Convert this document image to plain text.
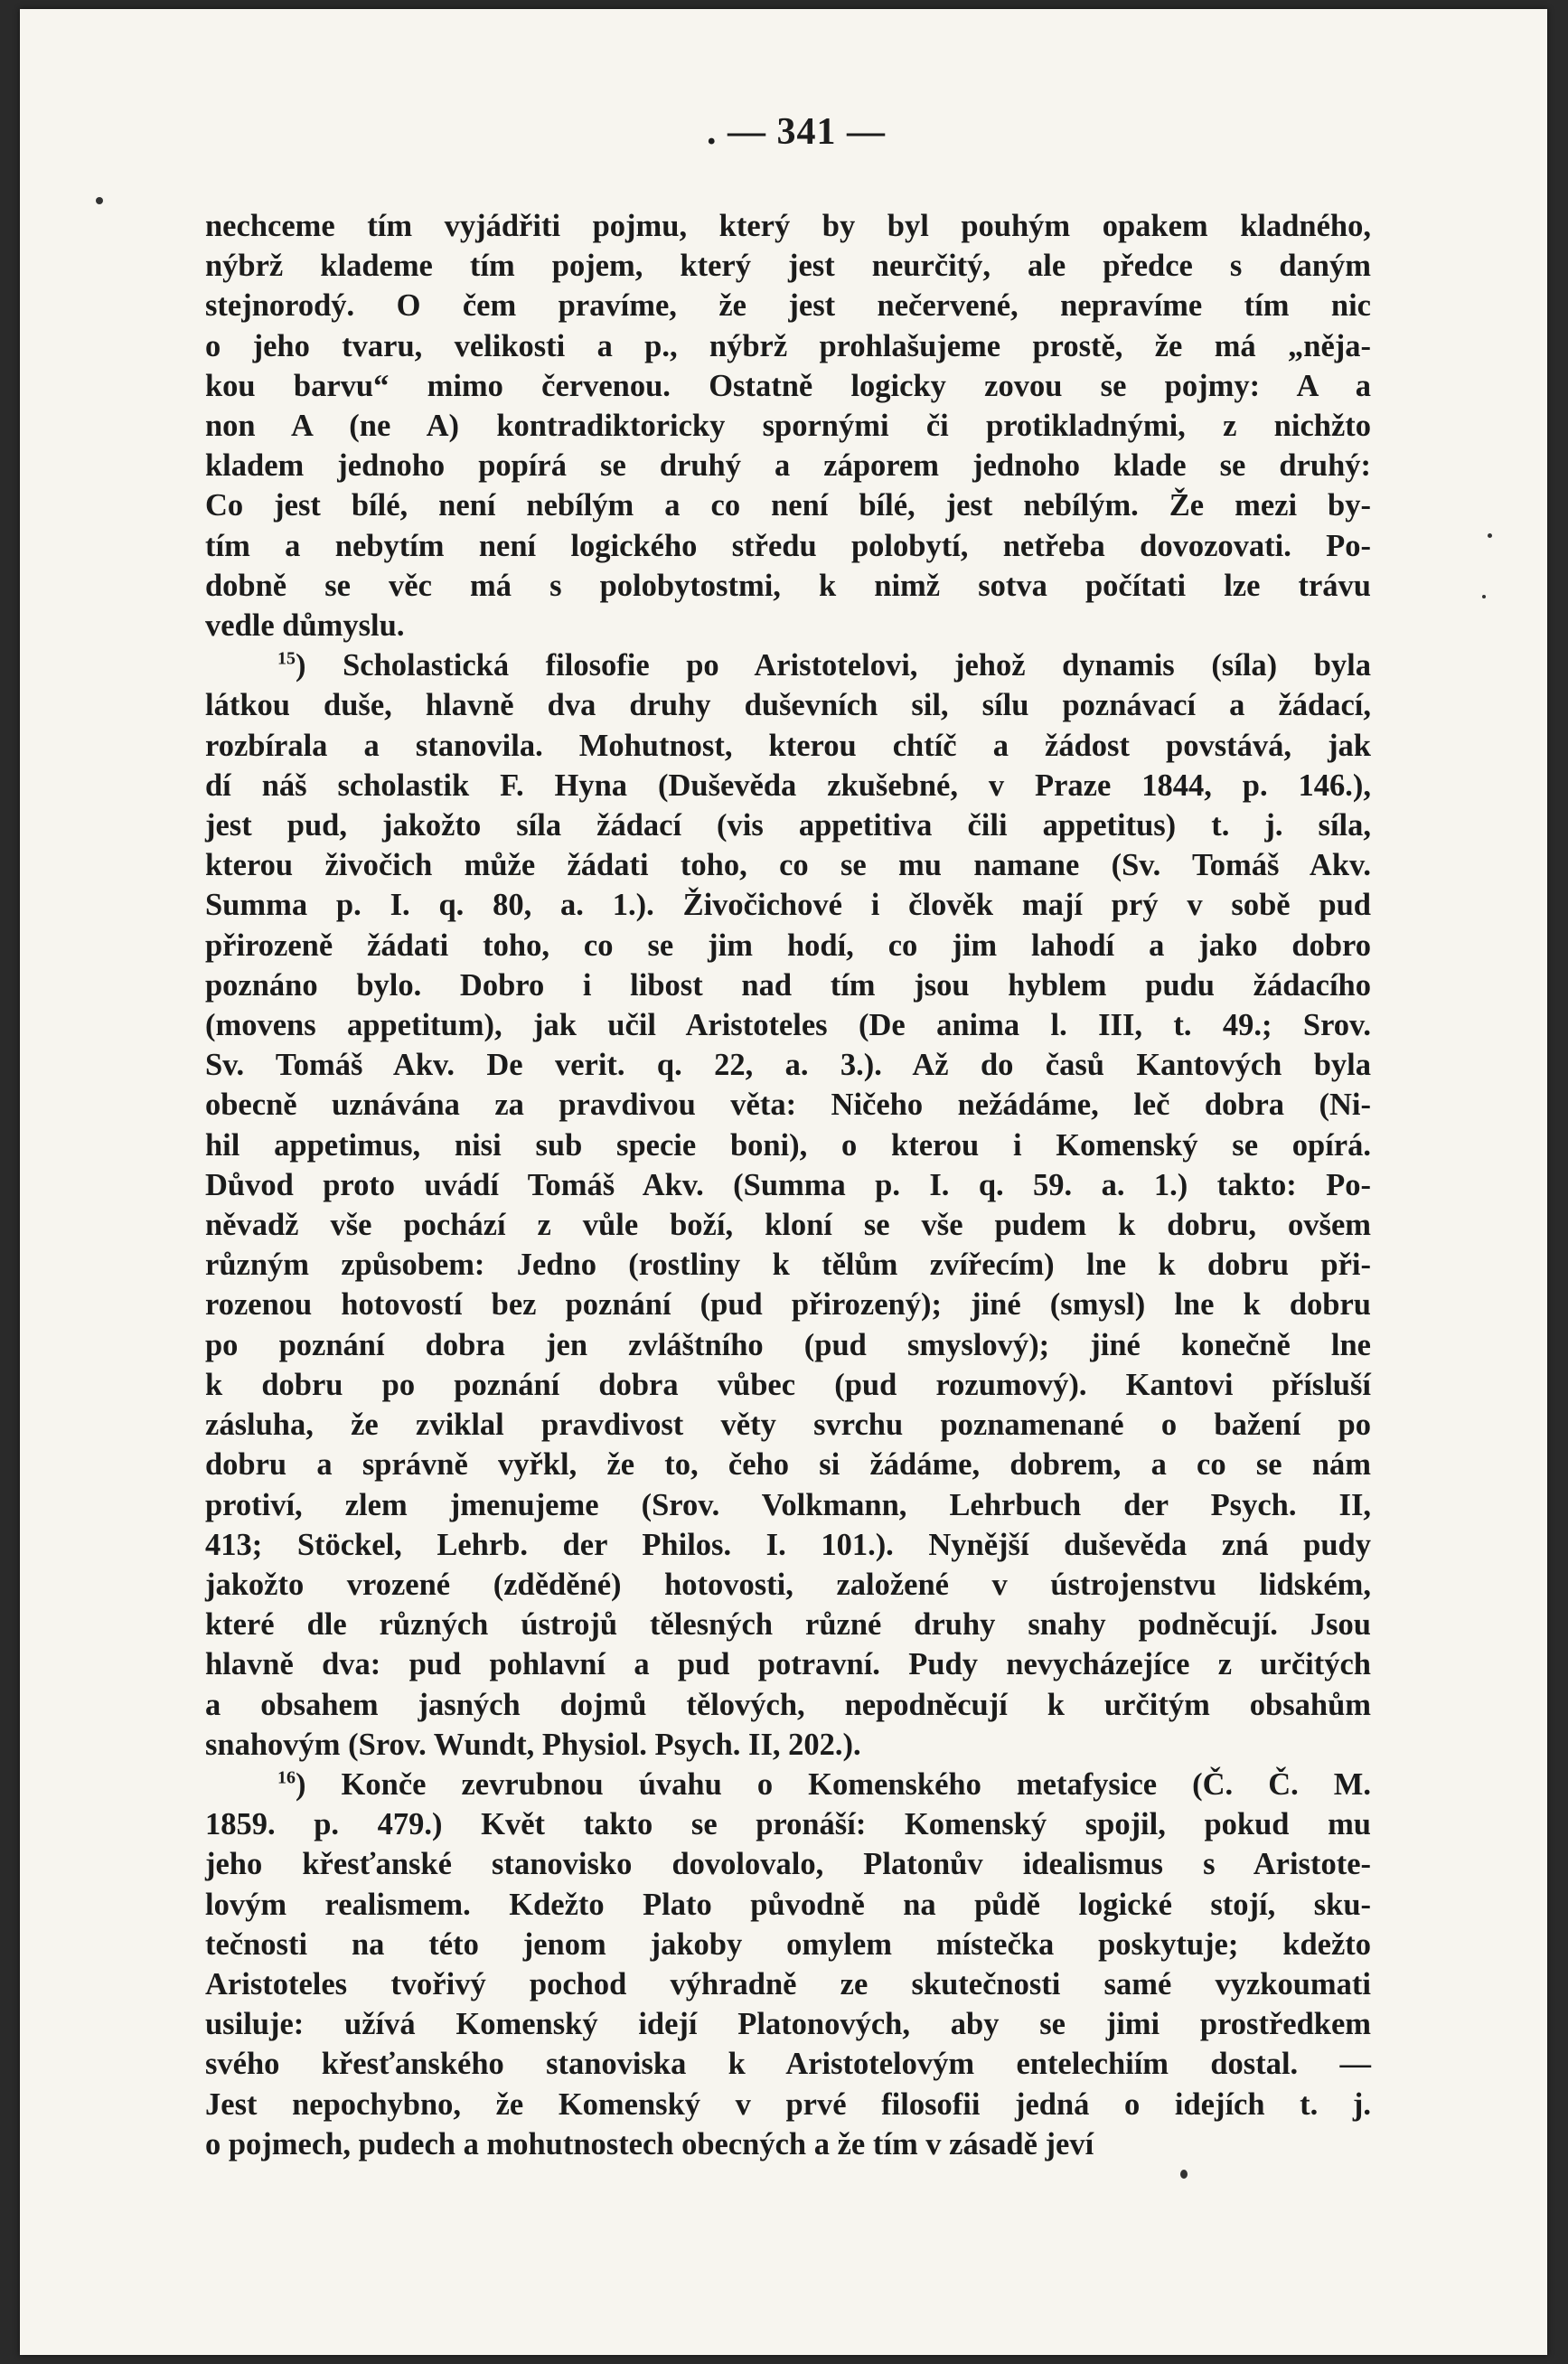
. — 341 —
nechceme tím vyjádřiti pojmu, který by byl pouhým opakem kladného,
nýbrž klademe tím pojem, který jest neurčitý, ale předce s daným
stejnorodý. O čem pravíme, že jest nečervené, nepravíme tím nic
o jeho tvaru, velikosti a p., nýbrž prohlašujeme prostě, že má „něja-
kou barvu“ mimo červenou. Ostatně logicky zovou se pojmy: A a
non A (ne A) kontradiktoricky spornými či protikladnými, z nichžto
kladem jednoho popírá se druhý a záporem jednoho klade se druhý:
Co jest bílé, není nebílým a co není bílé, jest nebílým. Že mezi by-
tím a nebytím není logického středu polobytí, netřeba dovozovati. Po-
dobně se věc má s polobytostmi, k nimž sotva počítati lze trávu
vedle důmyslu.
$^{15}$) Scholastická filosofie po Aristotelovi, jehož dynamis (síla) byla
látkou duše, hlavně dva druhy duševních sil, sílu poznávací a žádací,
rozbírala a stanovila. Mohutnost, kterou chtíč a žádost povstává, jak
dí náš scholastik F. Hyna (Duševěda zkušebné, v Praze 1844, p. 146.),
jest pud, jakožto síla žádací (vis appetitiva čili appetitus) t. j. síla,
kterou živočich může žádati toho, co se mu namane (Sv. Tomáš Akv.
Summa p. I. q. 80, a. 1.). Živočichové i člověk mají prý v sobě pud
přirozeně žádati toho, co se jim hodí, co jim lahodí a jako dobro
poznáno bylo. Dobro i libost nad tím jsou hyblem pudu žádacího
(movens appetitum), jak učil Aristoteles (De anima l. III, t. 49.; Srov.
Sv. Tomáš Akv. De verit. q. 22, a. 3.). Až do časů Kantových byla
obecně uznávána za pravdivou věta: Ničeho nežádáme, leč dobra (Ni-
hil appetimus, nisi sub specie boni), o kterou i Komenský se opírá.
Důvod proto uvádí Tomáš Akv. (Summa p. I. q. 59. a. 1.) takto: Po-
něvadž vše pochází z vůle boží, kloní se vše pudem k dobru, ovšem
různým způsobem: Jedno (rostliny k tělům zvířecím) lne k dobru při-
rozenou hotovostí bez poznání (pud přirozený); jiné (smysl) lne k dobru
po poznání dobra jen zvláštního (pud smyslový); jiné konečně lne
k dobru po poznání dobra vůbec (pud rozumový). Kantovi přísluší
zásluha, že zviklal pravdivost věty svrchu poznamenané o bažení po
dobru a správně vyřkl, že to, čeho si žádáme, dobrem, a co se nám
protiví, zlem jmenujeme (Srov. Volkmann, Lehrbuch der Psych. II,
413; Stöckel, Lehrb. der Philos. I. 101.). Nynější duševěda zná pudy
jakožto vrozené (zděděné) hotovosti, založené v ústrojenstvu lidském,
které dle různých ústrojů tělesných různé druhy snahy podněcují. Jsou
hlavně dva: pud pohlavní a pud potravní. Pudy nevycházejíce z určitých
a obsahem jasných dojmů tělových, nepodněcují k určitým obsahům
snahovým (Srov. Wundt, Physiol. Psych. II, 202.).
$^{16}$) Konče zevrubnou úvahu o Komenského metafysice (Č. Č. M.
1859. p. 479.) Květ takto se pronáší: Komenský spojil, pokud mu
jeho křesťanské stanovisko dovolovalo, Platonův idealismus s Aristote-
lovým realismem. Kdežto Plato původně na půdě logické stojí, sku-
tečnosti na této jenom jakoby omylem místečka poskytuje; kdežto
Aristoteles tvořivý pochod výhradně ze skutečnosti samé vyzkoumati
usiluje: užívá Komenský idejí Platonových, aby se jimi prostředkem
svého křesťanského stanoviska k Aristotelovým entelechiím dostal. —
Jest nepochybno, že Komenský v prvé filosofii jedná o idejích t. j.
o pojmech, pudech a mohutnostech obecných a že tím v zásadě jeví
